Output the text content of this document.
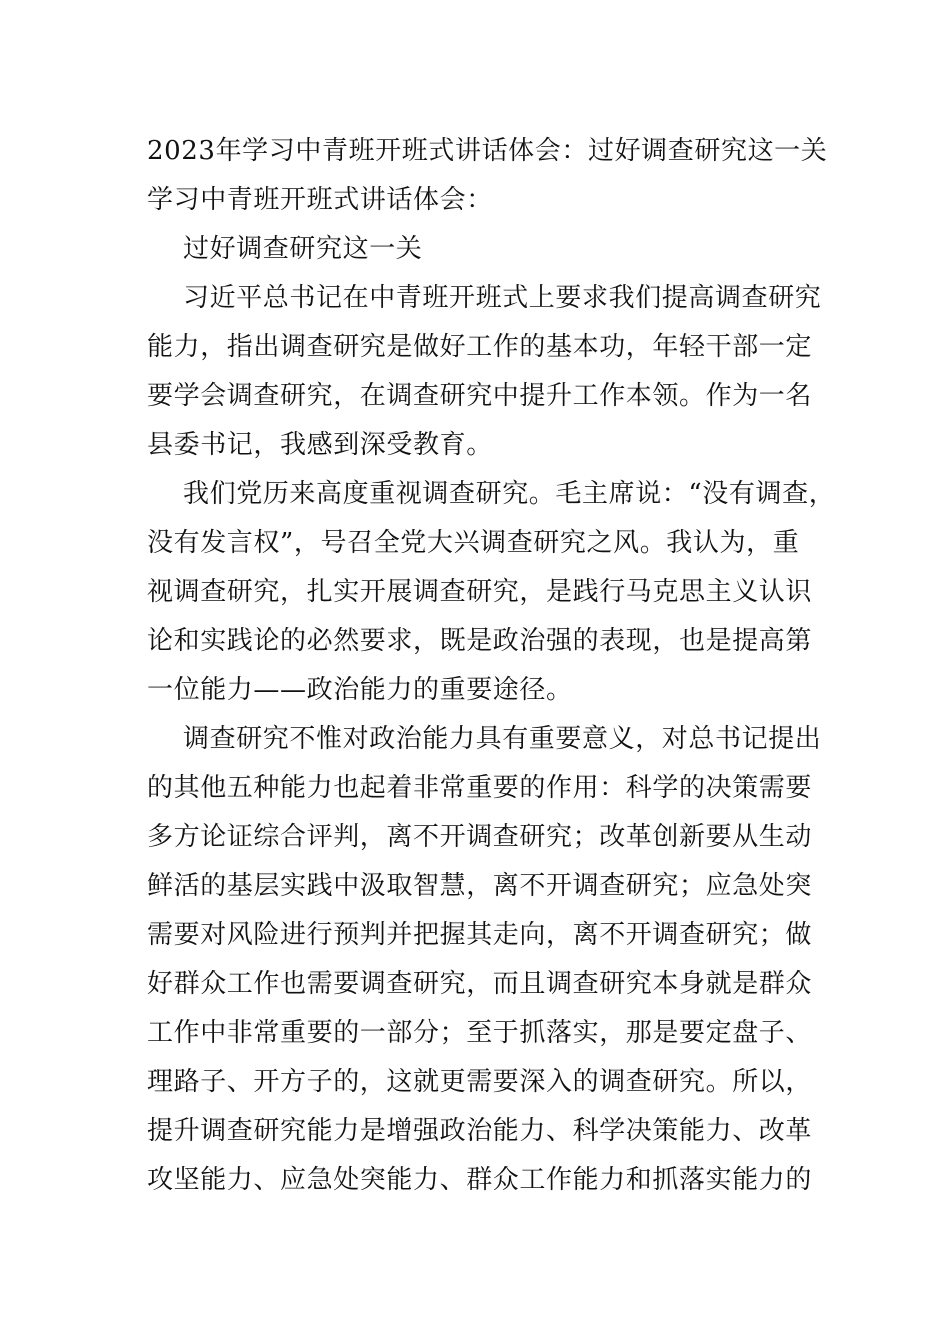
2023年学习中青班开班式讲话体会：过好调查研究这一关
学习中青班开班式讲话体会：
过好调查研究这一关
习近平总书记在中青班开班式上要求我们提高调查研究
能力，指出调查研究是做好工作的基本功，年轻干部一定
要学会调查研究，在调查研究中提升工作本领。作为一名
县委书记，我感到深受教育。
我们党历来高度重视调查研究。毛主席说：“没有调查，
没有发言权”，号召全党大兴调查研究之风。我认为，重
视调查研究，扎实开展调查研究，是践行马克思主义认识
论和实践论的必然要求，既是政治强的表现，也是提高第
一位能力——政治能力的重要途径。
调查研究不惟对政治能力具有重要意义，对总书记提出
的其他五种能力也起着非常重要的作用：科学的决策需要
多方论证综合评判，离不开调查研究；改革创新要从生动
鲜活的基层实践中汲取智慧，离不开调查研究；应急处突
需要对风险进行预判并把握其走向，离不开调查研究；做
好群众工作也需要调查研究，而且调查研究本身就是群众
工作中非常重要的一部分；至于抓落实，那是要定盘子、
理路子、开方子的，这就更需要深入的调查研究。所以，
提升调查研究能力是增强政治能力、科学决策能力、改革
攻坚能力、应急处突能力、群众工作能力和抓落实能力的
